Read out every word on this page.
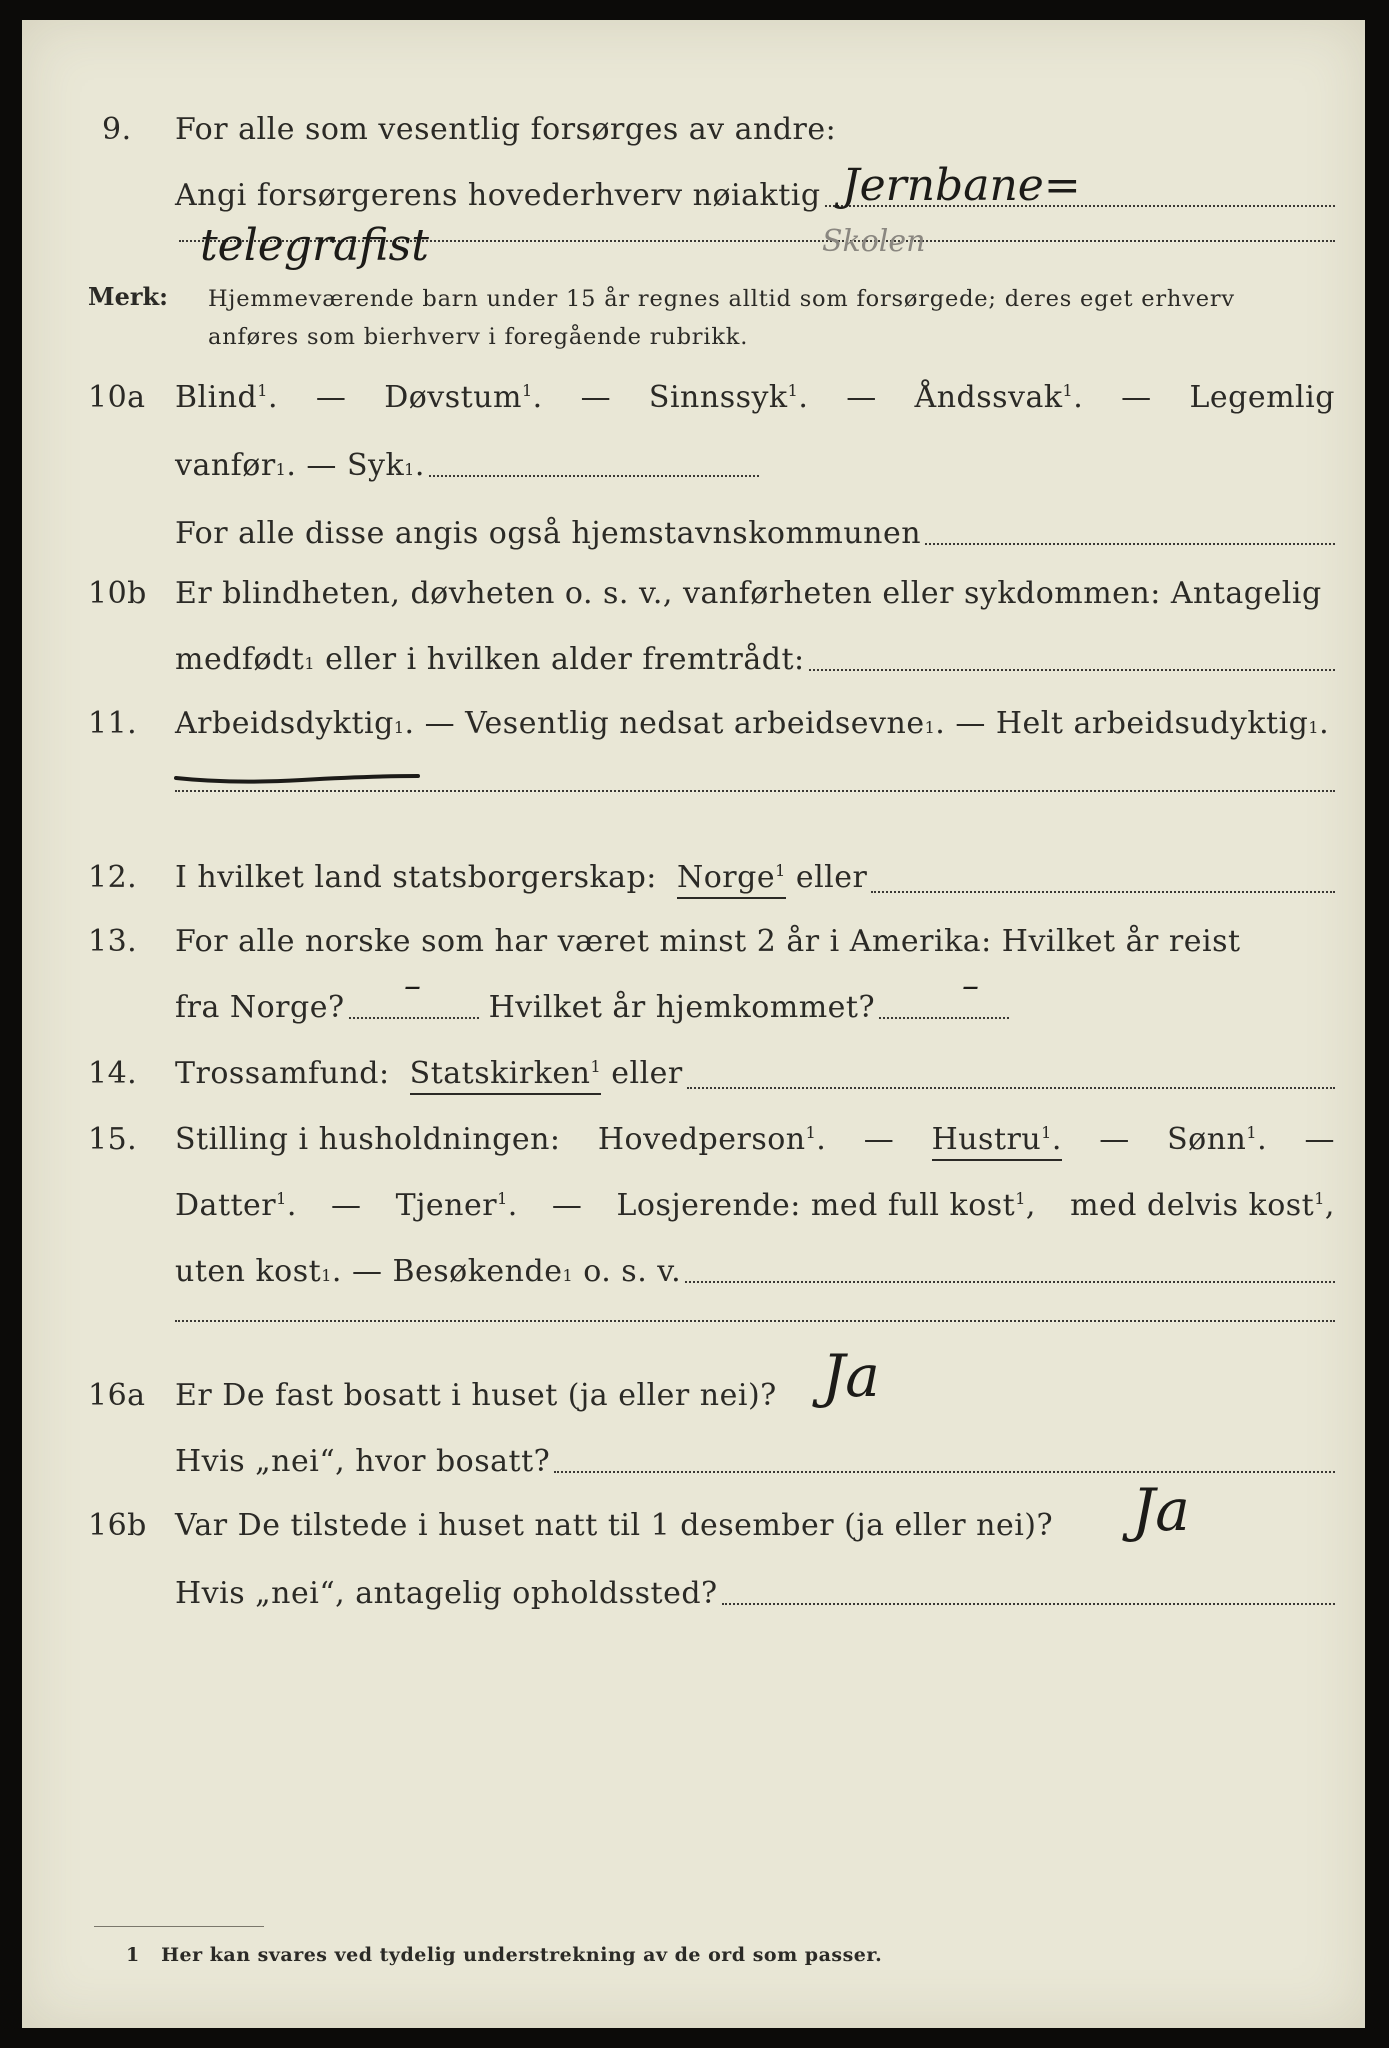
9.	For alle som vesentlig forsørges av andre:
Angi forsørgerens hovederhverv nøiaktig Jernbane=
telegrafist	Skolen
Merk: Hjemmeværende barn under 15 år regnes alltid som forsørgede; deres eget erhverv
anføres som bierhverv i foregående rubrikk.
10a Blind$^1$. — Døvstum$^1$. — Sinnssyk$^1$. — Åndssvak$^1$. — Legemlig
vanfør 1 . — Syk 1 .
For alle disse angis også hjemstavnskommunen
10b Er blindheten, døvheten o. s. v., vanførheten eller sykdommen: Antagelig
medfødt 1
eller i hvilken alder fremtrådt:
11.	Arbeidsdyktig 1 . — Vesentlig nedsat arbeidsevne 1 . — Helt arbeidsudyktig 1 .
12.	I hvilket land statsborgerskap:
Norge$^1$
eller
13.	For alle norske som har været minst 2 år i Amerika: Hvilket år reist
fra Norge?
	Hvilket år hjemkommet?
–	–
14.	Trossamfund:
Statskirken$^1$
eller
15.	Stilling i husholdningen: Hovedperson$^1$. — Hustru$^1$. — Sønn$^1$. —
Datter$^1$. — Tjener$^1$. — Losjerende: med full kost$^1$, med delvis kost$^1$,
uten kost 1 . — Besøkende 1
o. s. v.
16a Er De fast bosatt i huset (ja eller nei)? Ja
Hvis „nei“, hvor bosatt?
16b Var De tilstede i huset natt til 1 desember (ja eller nei)?	Ja
Hvis „nei“, antagelig opholdssted?
1 Her kan svares ved tydelig understrekning av de ord som passer.
